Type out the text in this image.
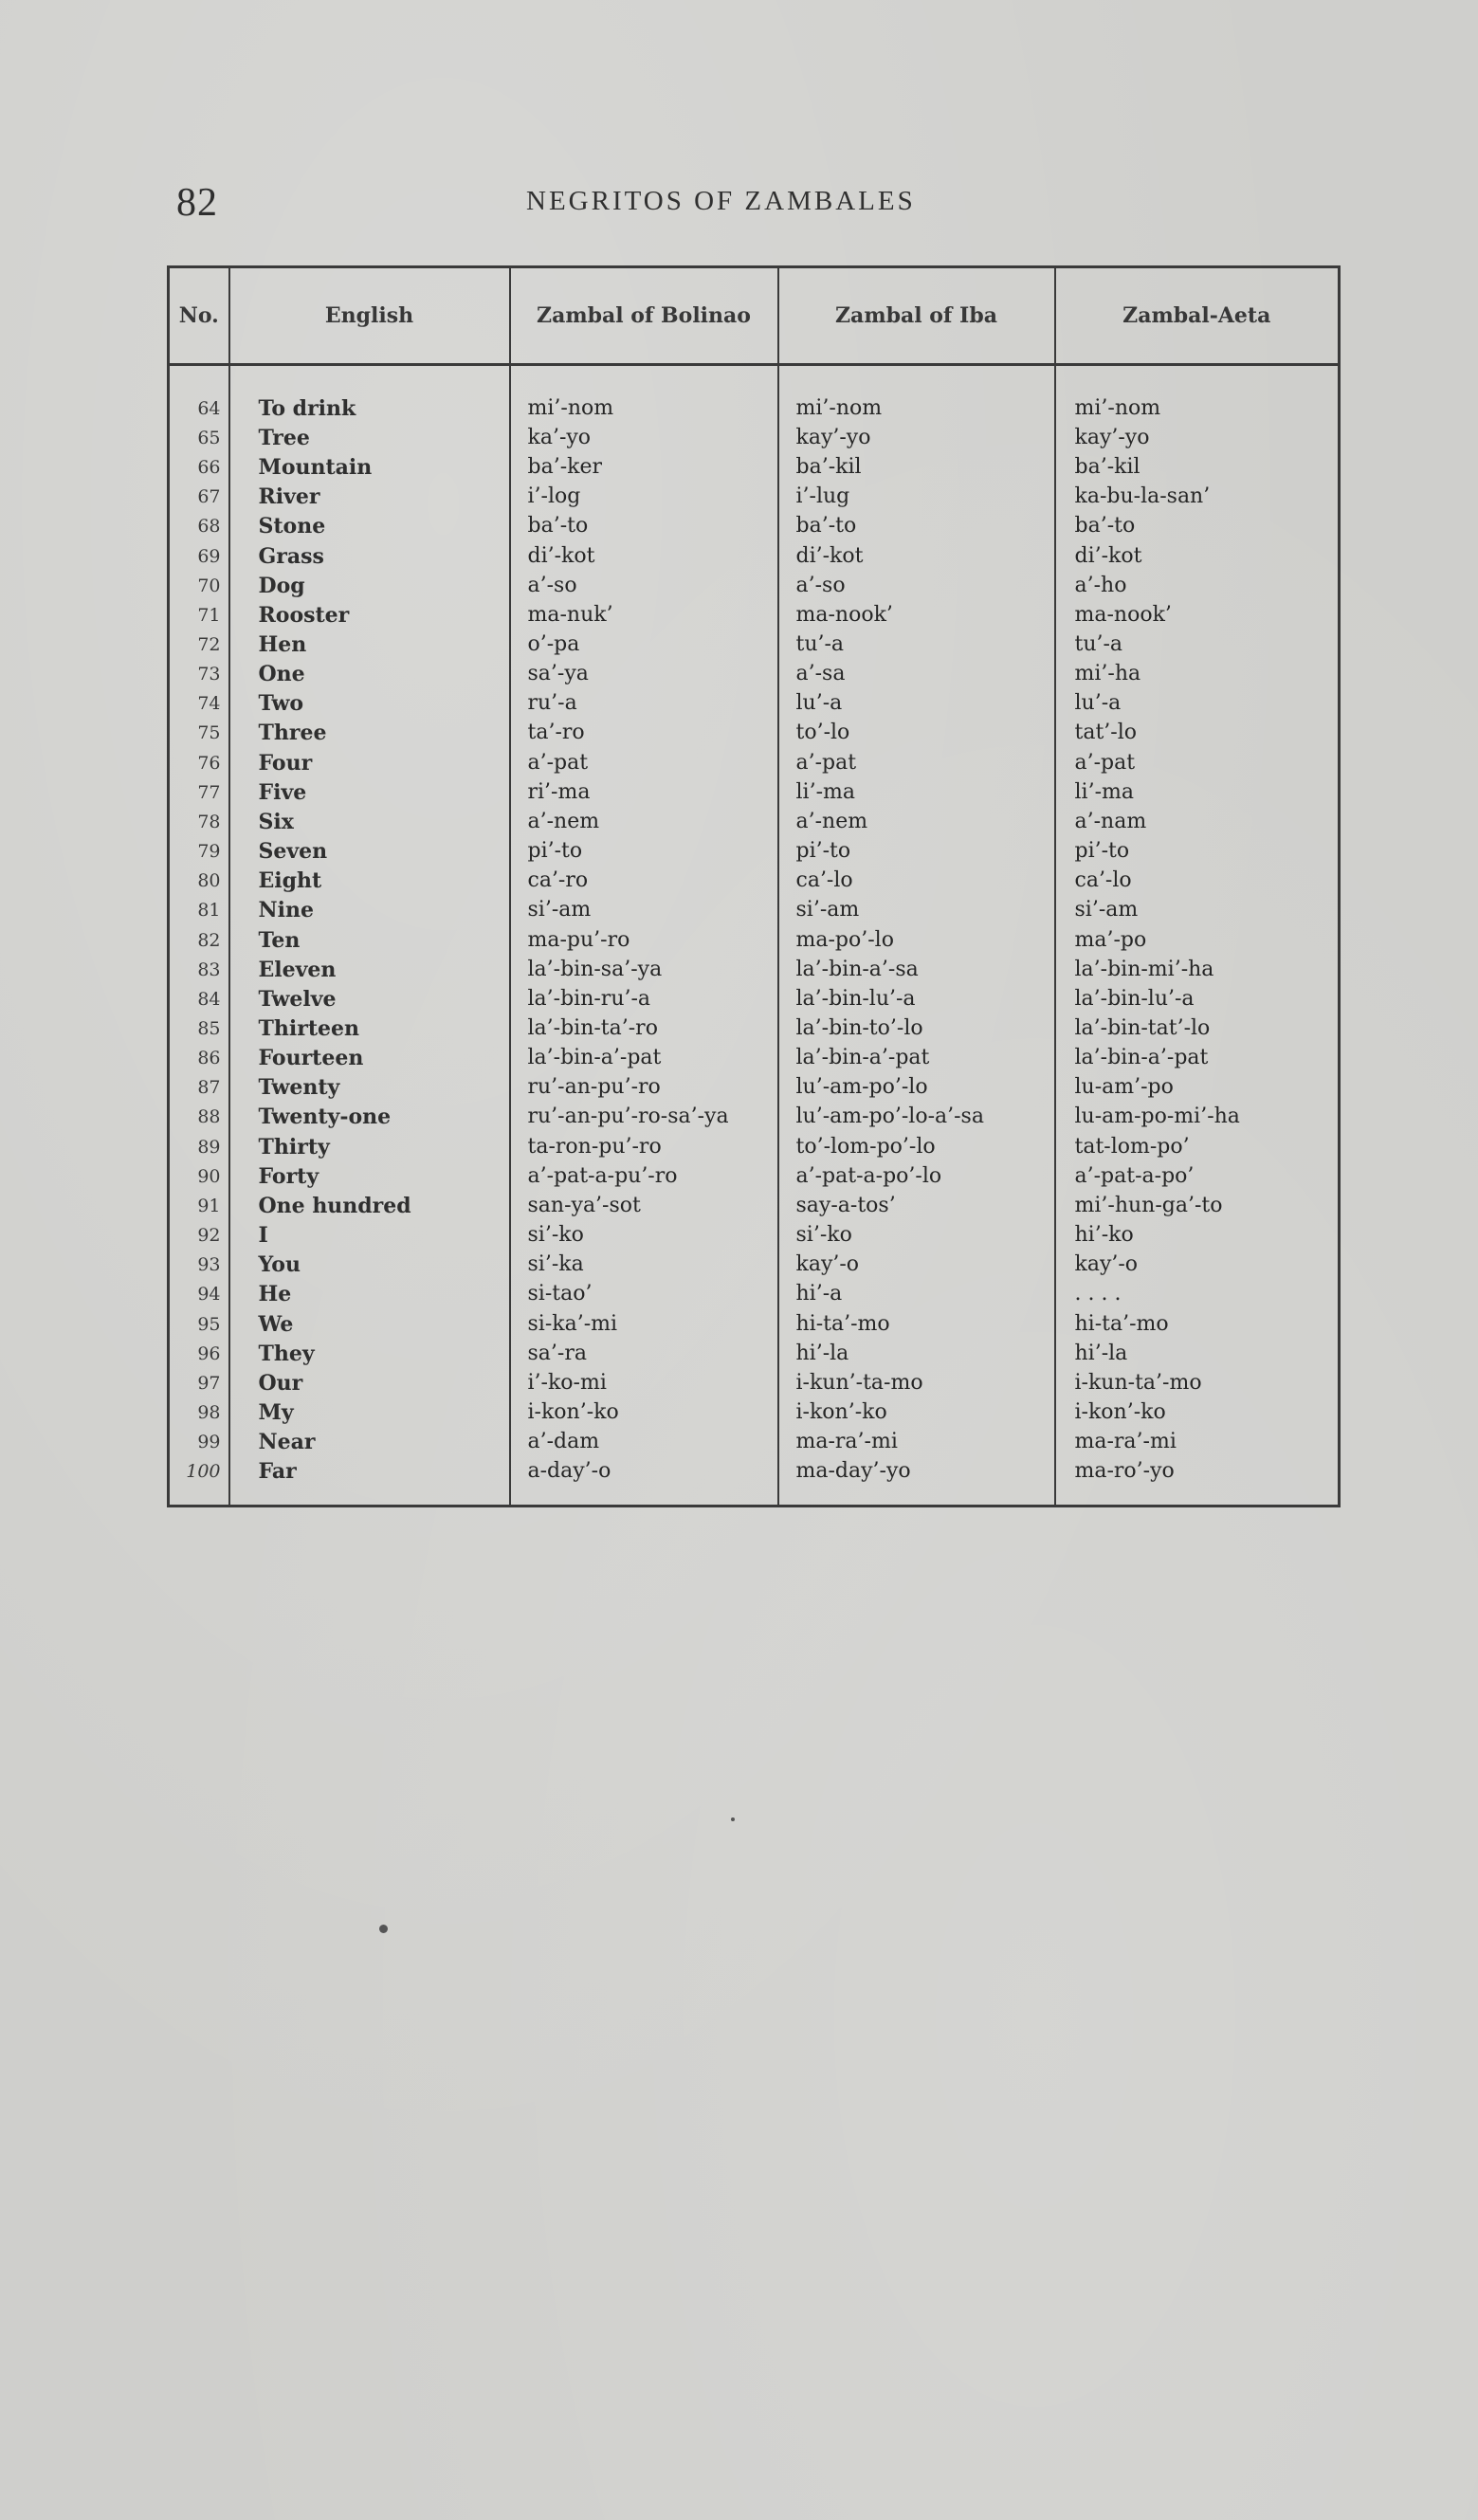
82	NEGRITOS OF ZAMBALES
No.	English	Zambal of Bolinao	Zambal of Iba	Zambal-Aeta

64	To drink	mi’-nom	mi’-nom	mi’-nom
65	Tree	ka’-yo	kay’-yo	kay’-yo
66	Mountain	ba’-ker	ba’-kil	ba’-kil
67	River	i’-log	i’-lug	ka-bu-la-san’
68	Stone	ba’-to	ba’-to	ba’-to
69	Grass	di’-kot	di’-kot	di’-kot
70	Dog	a’-so	a’-so	a’-ho
71	Rooster	ma-nuk’	ma-nook’	ma-nook’
72	Hen	o’-pa	tu’-a	tu’-a
73	One	sa’-ya	a’-sa	mi’-ha
74	Two	ru’-a	lu’-a	lu’-a
75	Three	ta’-ro	to’-lo	tat’-lo
76	Four	a’-pat	a’-pat	a’-pat
77	Five	ri’-ma	li’-ma	li’-ma
78	Six	a’-nem	a’-nem	a’-nam
79	Seven	pi’-to	pi’-to	pi’-to
80	Eight	ca’-ro	ca’-lo	ca’-lo
81	Nine	si’-am	si’-am	si’-am
82	Ten	ma-pu’-ro	ma-po’-lo	ma’-po
83	Eleven	la’-bin-sa’-ya	la’-bin-a’-sa	la’-bin-mi’-ha
84	Twelve	la’-bin-ru’-a	la’-bin-lu’-a	la’-bin-lu’-a
85	Thirteen	la’-bin-ta’-ro	la’-bin-to’-lo	la’-bin-tat’-lo
86	Fourteen	la’-bin-a’-pat	la’-bin-a’-pat	la’-bin-a’-pat
87	Twenty	ru’-an-pu’-ro	lu’-am-po’-lo	lu-am’-po
88	Twenty-one	ru’-an-pu’-ro-sa’-ya	lu’-am-po’-lo-a’-sa	lu-am-po-mi’-ha
89	Thirty	ta-ron-pu’-ro	to’-lom-po’-lo	tat-lom-po’
90	Forty	a’-pat-a-pu’-ro	a’-pat-a-po’-lo	a’-pat-a-po’
91	One hundred	san-ya’-sot	say-a-tos’	mi’-hun-ga’-to
92	I	si’-ko	si’-ko	hi’-ko
93	You	si’-ka	kay’-o	kay’-o
94	He	si-tao’	hi’-a	. . . .
95	We	si-ka’-mi	hi-ta’-mo	hi-ta’-mo
96	They	sa’-ra	hi’-la	hi’-la
97	Our	i’-ko-mi	i-kun’-ta-mo	i-kun-ta’-mo
98	My	i-kon’-ko	i-kon’-ko	i-kon’-ko
99	Near	a’-dam	ma-ra’-mi	ma-ra’-mi
100	Far	a-day’-o	ma-day’-yo	ma-ro’-yo
